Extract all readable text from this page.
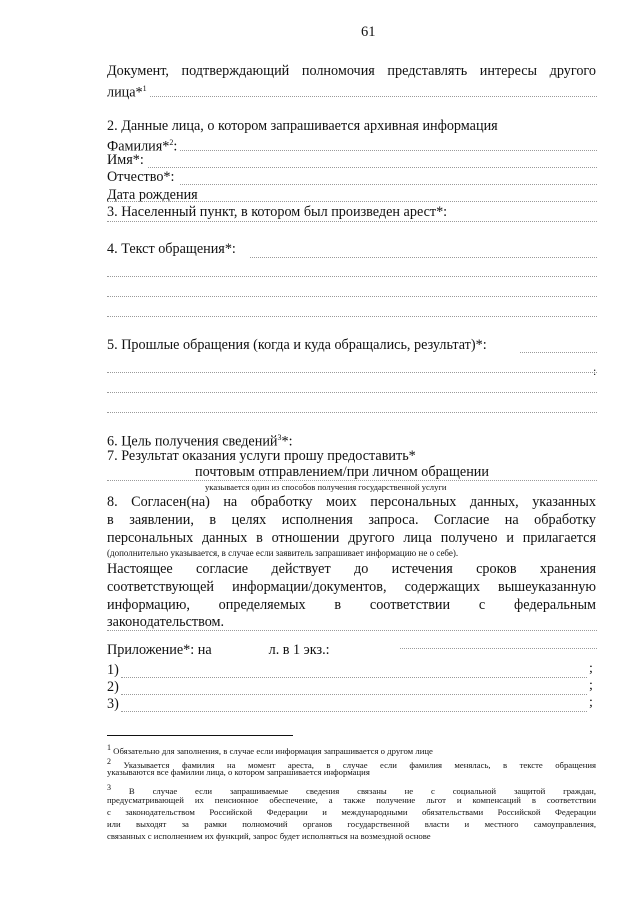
61
Документ, подтверждающий полномочия представлять интересы другого
лица*$^1$
2. Данные лица, о котором запрашивается архивная информация
Фамилия*$^2$:
Имя*:
Отчество*:
Дата рождения
3. Населенный пункт, в котором был произведен арест*:
4. Текст обращения*:
5. Прошлые обращения (когда и куда обращались, результат)*:
:
6. Цель получения сведений$^3$*:
7. Результат оказания услуги прошу предоставить*
почтовым отправлением/при личном обращении
указывается один из способов получения государственной услуги
8. Согласен(на) на обработку моих персональных данных, указанных
в заявлении, в целях исполнения запроса. Согласие на обработку
персональных данных в отношении другого лица получено и прилагается
(дополнительно указывается, в случае если заявитель запрашивает информацию не о себе).
Настоящее согласие действует до истечения сроков хранения
соответствующей информации/документов, содержащих вышеуказанную
информацию, определяемых в соответствии с федеральным
законодательством.
Приложение*: на	л. в 1 экз.:
1)	;
2)	;
3)	;
1 Обязательно для заполнения, в случае если информация запрашивается о другом лице
2 Указывается фамилия на момент ареста, в случае если фамилия менялась, в тексте обращения
указываются все фамилии лица, о котором запрашивается информация
3 В случае если запрашиваемые сведения связаны не с социальной защитой граждан,
предусматривающей их пенсионное обеспечение, а также получение льгот и компенсаций в соответствии
с законодательством Российской Федерации и международными обязательствами Российской Федерации
или выходят за рамки полномочий органов государственной власти и местного самоуправления,
связанных с исполнением их функций, запрос будет исполняться на возмездной основе
